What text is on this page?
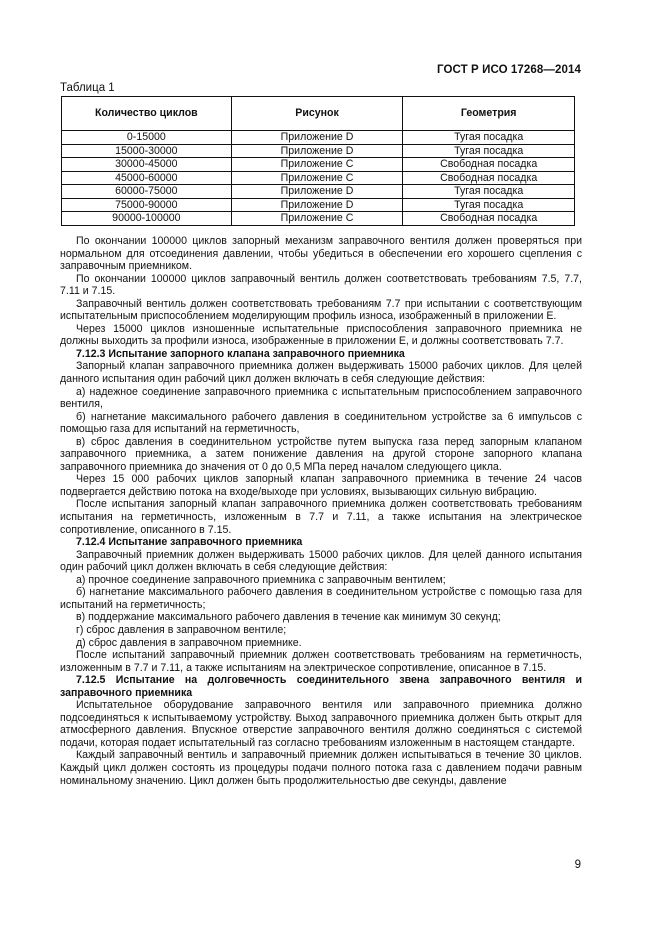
ГОСТ Р ИСО 17268—2014
Таблица 1
Количество циклов	Рисунок	Геометрия
0-15000	Приложение D	Тугая посадка
15000-30000	Приложение D	Тугая посадка
30000-45000	Приложение С	Свободная посадка
45000-60000	Приложение С	Свободная посадка
60000-75000	Приложение D	Тугая посадка
75000-90000	Приложение D	Тугая посадка
90000-100000	Приложение С	Свободная посадка

По окончании 100000 циклов запорный механизм заправочного вентиля должен проверяться при нормальном для отсоединения давлении, чтобы убедиться в обеспечении его хорошего сцепления с заправочным приемником.

По окончании 100000 циклов заправочный вентиль должен соответствовать требованиям 7.5, 7.7, 7.11 и 7.15.

Заправочный вентиль должен соответствовать требованиям 7.7 при испытании с соответствующим испытательным приспособлением моделирующим профиль износа, изображенный в приложении Е.

Через 15000 циклов изношенные испытательные приспособления заправочного приемника не должны выходить за профили износа, изображенные в приложении Е, и должны соответствовать 7.7.

7.12.3 Испытание запорного клапана заправочного приемника

Запорный клапан заправочного приемника должен выдерживать 15000 рабочих циклов. Для целей данного испытания один рабочий цикл должен включать в себя следующие действия:

а) надежное соединение заправочного приемника с испытательным приспособлением заправочного вентиля,

б) нагнетание максимального рабочего давления в соединительном устройстве за 6 импульсов с помощью газа для испытаний на герметичность,

в) сброс давления в соединительном устройстве путем выпуска газа перед запорным клапаном заправочного приемника, а затем понижение давления на другой стороне запорного клапана заправочного приемника до значения от 0 до 0,5 МПа перед началом следующего цикла.

Через 15 000 рабочих циклов запорный клапан заправочного приемника в течение 24 часов подвергается действию потока на входе/выходе при условиях, вызывающих сильную вибрацию.

После испытания запорный клапан заправочного приемника должен соответствовать требованиям испытания на герметичность, изложенным в 7.7 и 7.11, а также испытания на электрическое сопротивление, описанного в 7.15.

7.12.4 Испытание заправочного приемника

Заправочный приемник должен выдерживать 15000 рабочих циклов. Для целей данного испытания один рабочий цикл должен включать в себя следующие действия:

а) прочное соединение заправочного приемника с заправочным вентилем;

б) нагнетание максимального рабочего давления в соединительном устройстве с помощью газа для испытаний на герметичность;

в) поддержание максимального рабочего давления в течение как минимум 30 секунд;

г) сброс давления в заправочном вентиле;

д) сброс давления в заправочном приемнике.

После испытаний заправочный приемник должен соответствовать требованиям на герметичность, изложенным в 7.7 и 7.11, а также испытаниям на электрическое сопротивление, описанное в 7.15.

7.12.5 Испытание на долговечность соединительного звена заправочного вентиля и заправочного приемника

Испытательное оборудование заправочного вентиля или заправочного приемника должно подсоединяться к испытываемому устройству. Выход заправочного приемника должен быть открыт для атмосферного давления. Впускное отверстие заправочного вентиля должно соединяться с системой подачи, которая подает испытательный газ согласно требованиям изложенным в настоящем стандарте.

Каждый заправочный вентиль и заправочный приемник должен испытываться в течение 30 циклов. Каждый цикл должен состоять из процедуры подачи полного потока газа с давлением подачи равным номинальному значению. Цикл должен быть продолжительностью две секунды, давление

9
